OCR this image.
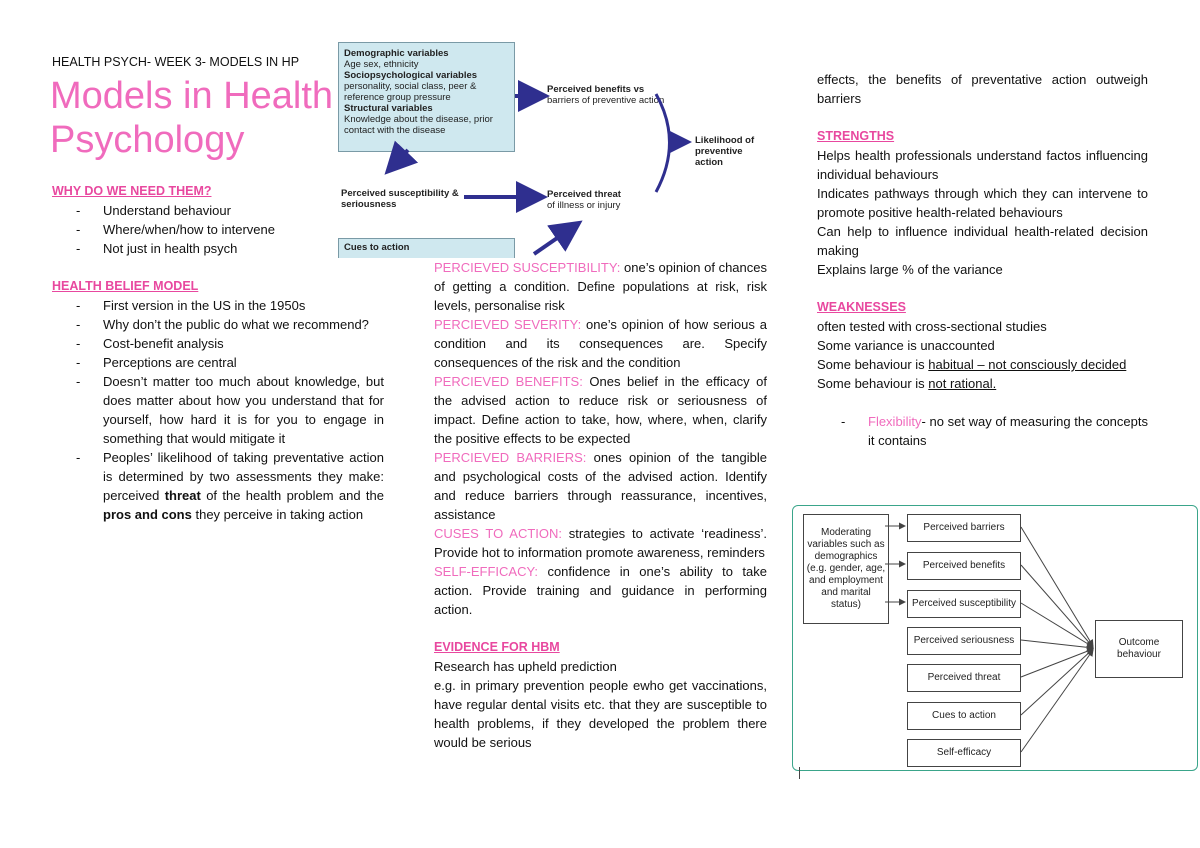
HEALTH PSYCH- WEEK 3- MODELS IN HP
Models in Health
Psychology
WHY DO WE NEED THEM?
- Understand behaviour
- Where/when/how to intervene
- Not just in health psych
HEALTH BELIEF MODEL
- First version in the US in the 1950s
- Why don’t the public do what we recommend?
- Cost-benefit analysis
- Perceptions are central
- Doesn’t matter too much about knowledge, but does matter about how you understand that for yourself, how hard it is for you to engage in something that would mitigate it
- Peoples’ likelihood of taking preventative action is determined by two assessments they make: perceived threat of the health problem and the pros and cons they perceive in taking action
Demographic variables
Age sex, ethnicity
Sociopsychological variables
personality, social class, peer & reference group pressure
Structural variables
Knowledge about the disease, prior contact with the disease
Cues to action
Perceived benefits vs
barriers of preventive action
Likelihood of preventive action
Perceived susceptibility & seriousness
Perceived threat
of illness or injury
PERCIEVED SUSCEPTIBILITY: one’s opinion of chances of getting a condition. Define populations at risk, risk levels, personalise risk
PERCIEVED SEVERITY: one’s opinion of how serious a condition and its consequences are. Specify consequences of the risk and the condition
PERCIEVED BENEFITS: Ones belief in the efficacy of the advised action to reduce risk or seriousness of impact. Define action to take, how, where, when, clarify the positive effects to be expected
PERCIEVED BARRIERS: ones opinion of the tangible and psychological costs of the advised action. Identify and reduce barriers through reassurance, incentives, assistance
CUSES TO ACTION: strategies to activate ‘readiness’. Provide hot to information promote awareness, reminders
SELF-EFFICACY: confidence in one’s ability to take action. Provide training and guidance in performing action.
EVIDENCE FOR HBM
Research has upheld prediction
e.g. in primary prevention people ewho get vaccinations, have regular dental visits etc. that they are susceptible to health problems, if they developed the problem there would be serious
effects, the benefits of preventative action outweigh barriers
STRENGTHS
Helps health professionals understand factos influencing individual behaviours
Indicates pathways through which they can intervene to promote positive health-related behaviours
Can help to influence individual health-related decision making
Explains large % of the variance
WEAKNESSES
often tested with cross-sectional studies
Some variance is unaccounted
Some behaviour is habitual – not consciously decided
Some behaviour is not rational.
- Flexibility- no set way of measuring the concepts it contains
Moderating variables such as demographics (e.g. gender, age, and employment and marital status)
Perceived barriers
Perceived benefits
Perceived susceptibility
Perceived seriousness
Perceived threat
Cues to action
Self-efficacy
Outcome behaviour
